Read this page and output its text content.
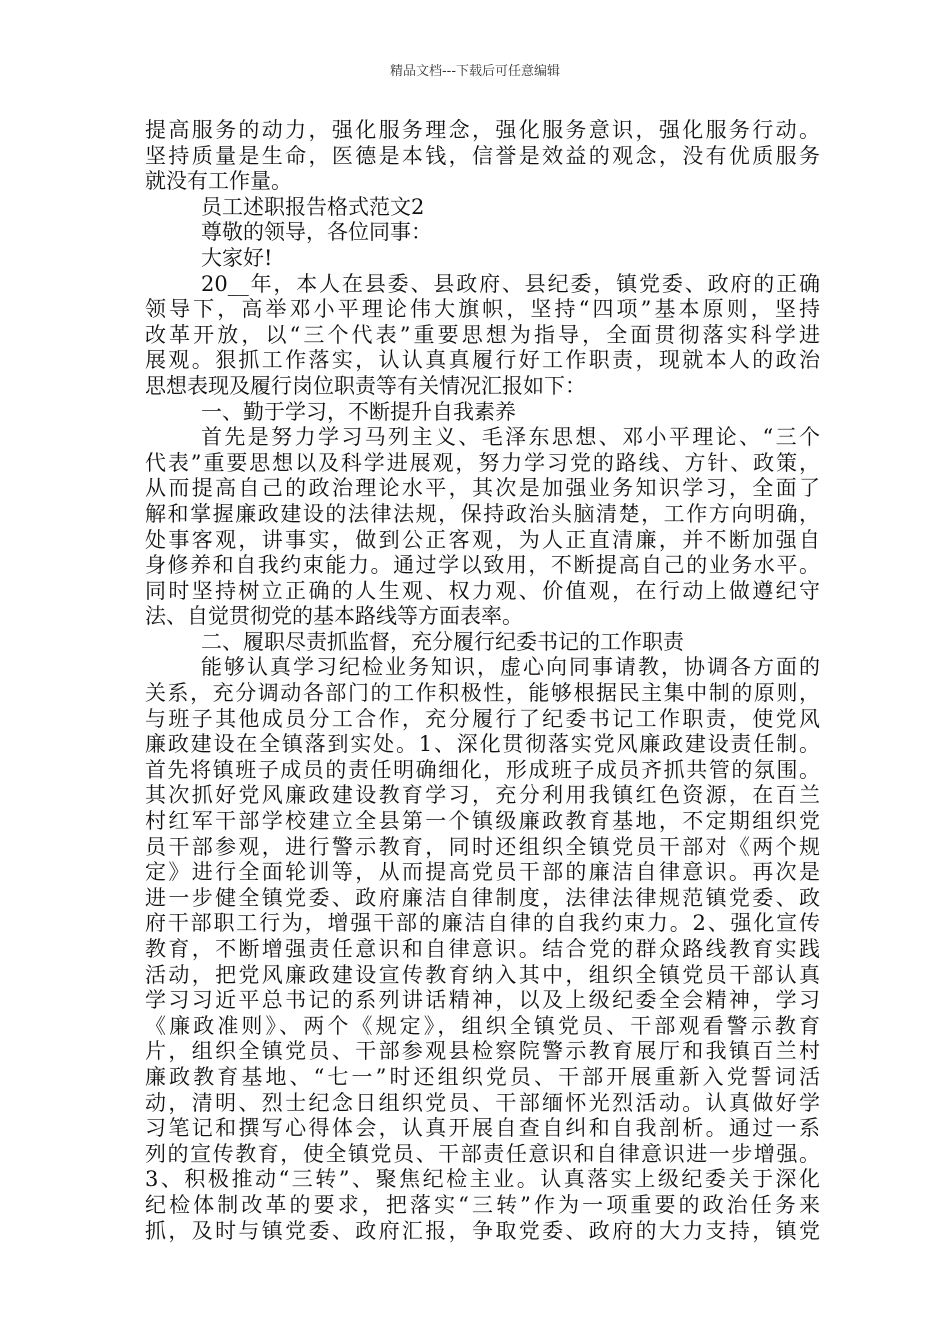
精品文档---下载后可任意编辑
提高服务的动力，强化服务理念，强化服务意识，强化服务行动。
坚持质量是生命，医德是本钱，信誉是效益的观念，没有优质服务
就没有工作量。
员工述职报告格式范文2
尊敬的领导，各位同事：
大家好!
20__年，本人在县委、县政府、县纪委，镇党委、政府的正确
领导下，高举邓小平理论伟大旗帜，坚持“四项”基本原则，坚持
改革开放，以“三个代表”重要思想为指导，全面贯彻落实科学进
展观。狠抓工作落实，认认真真履行好工作职责，现就本人的政治
思想表现及履行岗位职责等有关情况汇报如下：
一、勤于学习，不断提升自我素养
首先是努力学习马列主义、毛泽东思想、邓小平理论、“三个
代表”重要思想以及科学进展观，努力学习党的路线、方针、政策，
从而提高自己的政治理论水平，其次是加强业务知识学习，全面了
解和掌握廉政建设的法律法规，保持政治头脑清楚，工作方向明确，
处事客观，讲事实，做到公正客观，为人正直清廉，并不断加强自
身修养和自我约束能力。通过学以致用，不断提高自己的业务水平。
同时坚持树立正确的人生观、权力观、价值观，在行动上做遵纪守
法、自觉贯彻党的基本路线等方面表率。
二、履职尽责抓监督，充分履行纪委书记的工作职责
能够认真学习纪检业务知识，虚心向同事请教，协调各方面的
关系，充分调动各部门的工作积极性，能够根据民主集中制的原则，
与班子其他成员分工合作，充分履行了纪委书记工作职责，使党风
廉政建设在全镇落到实处。1、深化贯彻落实党风廉政建设责任制。
首先将镇班子成员的责任明确细化，形成班子成员齐抓共管的氛围。
其次抓好党风廉政建设教育学习，充分利用我镇红色资源，在百兰
村红军干部学校建立全县第一个镇级廉政教育基地，不定期组织党
员干部参观，进行警示教育，同时还组织全镇党员干部对《两个规
定》进行全面轮训等，从而提高党员干部的廉洁自律意识。再次是
进一步健全镇党委、政府廉洁自律制度，法律法律规范镇党委、政
府干部职工行为，增强干部的廉洁自律的自我约束力。2、强化宣传
教育，不断增强责任意识和自律意识。结合党的群众路线教育实践
活动，把党风廉政建设宣传教育纳入其中，组织全镇党员干部认真
学习习近平总书记的系列讲话精神，以及上级纪委全会精神，学习
《廉政准则》、两个《规定》，组织全镇党员、干部观看警示教育
片，组织全镇党员、干部参观县检察院警示教育展厅和我镇百兰村
廉政教育基地、“七一”时还组织党员、干部开展重新入党誓词活
动，清明、烈士纪念日组织党员、干部缅怀光烈活动。认真做好学
习笔记和撰写心得体会，认真开展自查自纠和自我剖析。通过一系
列的宣传教育，使全镇党员、干部责任意识和自律意识进一步增强。
3、积极推动“三转”、聚焦纪检主业。认真落实上级纪委关于深化
纪检体制改革的要求，把落实“三转”作为一项重要的政治任务来
抓，及时与镇党委、政府汇报，争取党委、政府的大力支持，镇党
